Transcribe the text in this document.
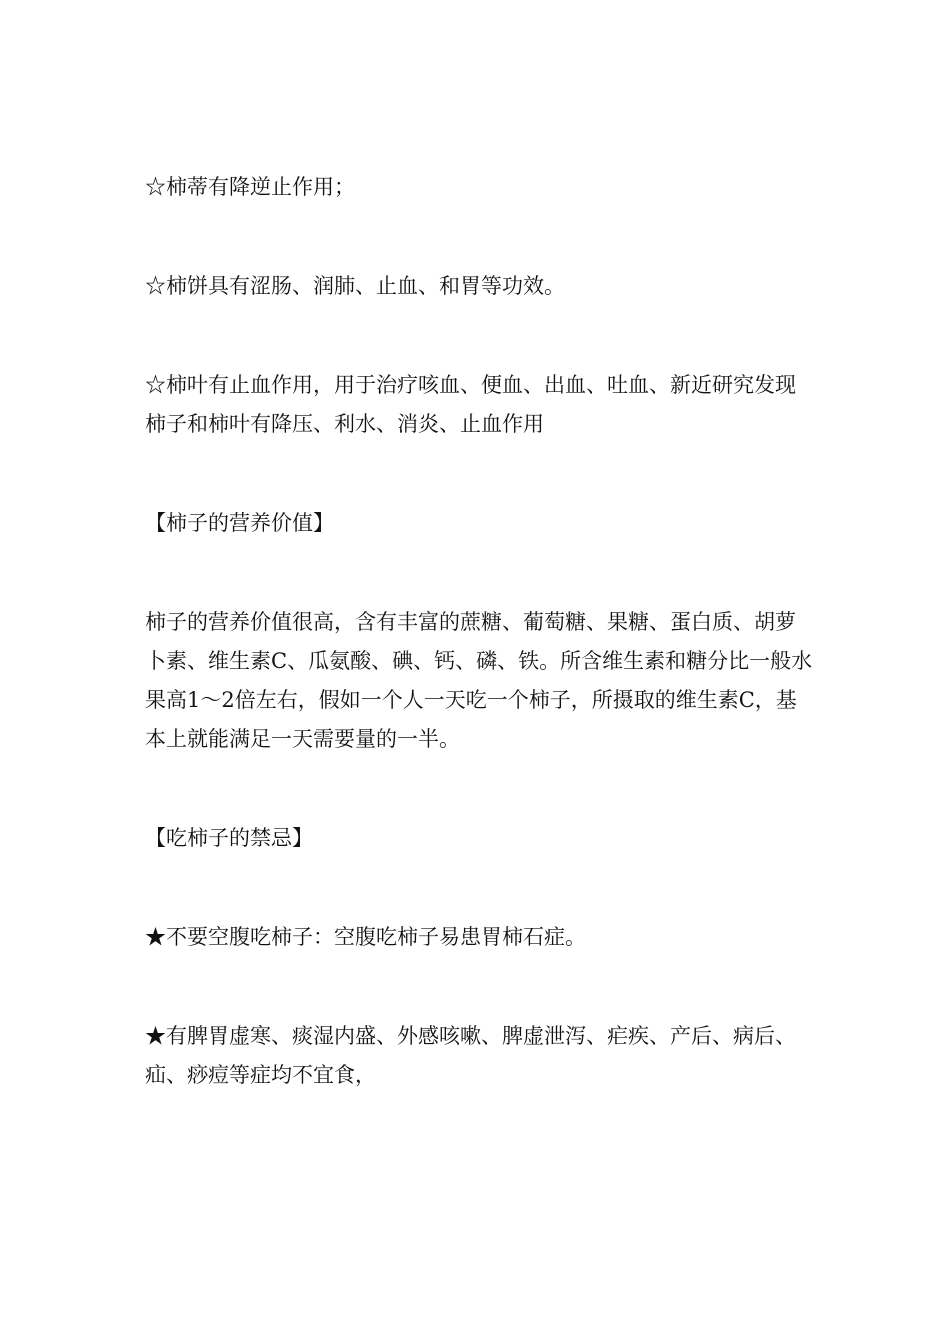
☆柿蒂有降逆止作用；

☆柿饼具有涩肠、润肺、止血、和胃等功效。

☆柿叶有止血作用，用于治疗咳血、便血、出血、吐血、新近研究发现柿子和柿叶有降压、利水、消炎、止血作用

【柿子的营养价值】

柿子的营养价值很高，含有丰富的蔗糖、葡萄糖、果糖、蛋白质、胡萝卜素、维生素C、瓜氨酸、碘、钙、磷、铁。所含维生素和糖分比一般水果高1～2倍左右，假如一个人一天吃一个柿子，所摄取的维生素C，基本上就能满足一天需要量的一半。

【吃柿子的禁忌】

★不要空腹吃柿子：空腹吃柿子易患胃柿石症。

★有脾胃虚寒、痰湿内盛、外感咳嗽、脾虚泄泻、疟疾、产后、病后、疝、痧痘等症均不宜食，
